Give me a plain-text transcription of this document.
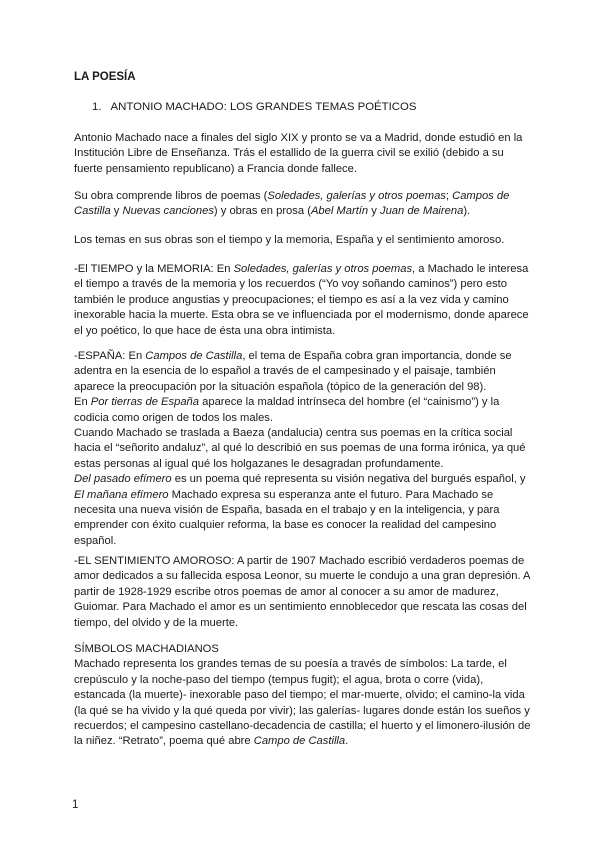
LA POESÍA
1. ANTONIO MACHADO: LOS GRANDES TEMAS POÉTICOS

Antonio Machado nace a finales del siglo XIX y pronto se va a Madrid, donde estudió en la Institución Libre de Enseñanza. Trás el estallido de la guerra civil se exilió (debido a su fuerte pensamiento republicano) a Francia donde fallece.

Su obra comprende libros de poemas (Soledades, galerías y otros poemas; Campos de Castilla y Nuevas canciones) y obras en prosa (Abel Martín y Juan de Mairena).

Los temas en sus obras son el tiempo y la memoria, España y el sentimiento amoroso.

-El TIEMPO y la MEMORIA: En Soledades, galerías y otros poemas, a Machado le interesa el tiempo a través de la memoria y los recuerdos (“Yo voy soñando caminos”) pero esto también le produce angustias y preocupaciones; el tiempo es así a la vez vida y camino inexorable hacia la muerte. Esta obra se ve influenciada por el modernismo, donde aparece el yo poético, lo que hace de ésta una obra intimista.

-ESPAÑA: En Campos de Castilla, el tema de España cobra gran importancia, donde se adentra en la esencia de lo español a través de el campesinado y el paisaje, también aparece la preocupación por la situación española (tópico de la generación del 98).
En Por tierras de España aparece la maldad intrínseca del hombre (el “cainismo”) y la codicia como origen de todos los males.
Cuando Machado se traslada a Baeza (andalucia) centra sus poemas en la crítica social hacia el “señorito andaluz”, al qué lo describió en sus poemas de una forma irónica, ya qué estas personas al igual qué los holgazanes le desagradan profundamente.
Del pasado efímero es un poema qué representa su visión negativa del burgués español, y El mañana efímero Machado expresa su esperanza ante el futuro. Para Machado se necesita una nueva visión de España, basada en el trabajo y en la inteligencia, y para emprender con éxito cualquier reforma, la base es conocer la realidad del campesino español.

-EL SENTIMIENTO AMOROSO: A partir de 1907 Machado escribió verdaderos poemas de amor dedicados a su fallecida esposa Leonor, su muerte le condujo a una gran depresión. A partir de 1928-1929 escribe otros poemas de amor al conocer a su amor de madurez, Guiomar. Para Machado el amor es un sentimiento ennoblecedor que rescata las cosas del tiempo, del olvido y de la muerte.

SÍMBOLOS MACHADIANOS
Machado representa los grandes temas de su poesía a través de símbolos: La tarde, el crepúsculo y la noche-paso del tiempo (tempus fugit); el agua, brota o corre (vida), estancada (la muerte)- inexorable paso del tiempo; el mar-muerte, olvido; el camino-la vida (la qué se ha vivido y la qué queda por vivir); las galerías- lugares donde están los sueños y recuerdos; el campesino castellano-decadencia de castilla; el huerto y el limonero-ilusión de la niñez. “Retrato”, poema qué abre Campo de Castilla.
1
